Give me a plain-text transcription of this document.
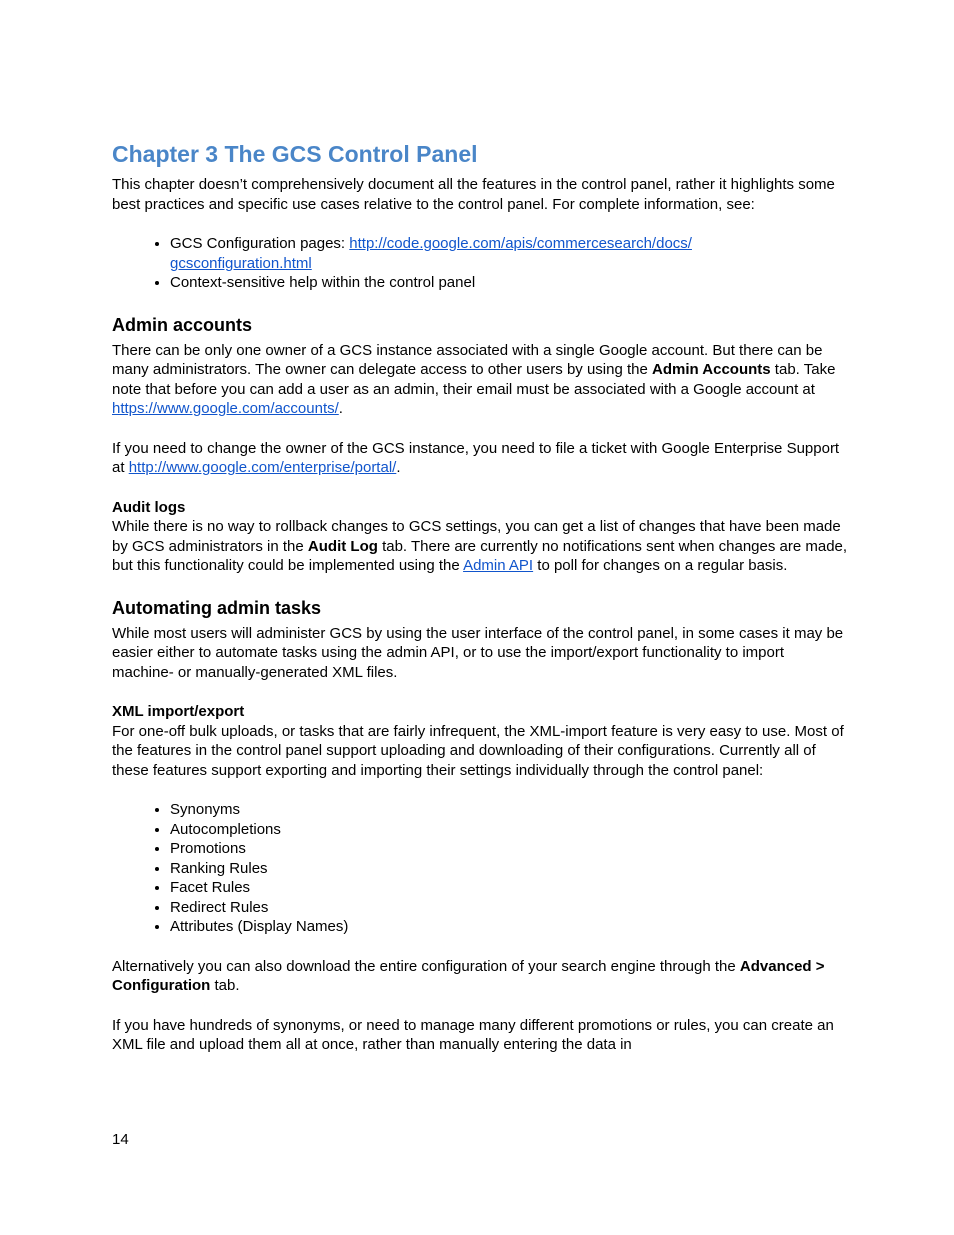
Chapter 3 The GCS Control Panel

This chapter doesn’t comprehensively document all the features in the control panel, rather it highlights some best practices and specific use cases relative to the control panel. For complete information, see:

• GCS Configuration pages: http://code.google.com/apis/commercesearch/docs/
gcsconfiguration.html
• Context-sensitive help within the control panel
Admin accounts

There can be only one owner of a GCS instance associated with a single Google account. But there can be many administrators. The owner can delegate access to other users by using the Admin Accounts tab. Take note that before you can add a user as an admin, their email must be associated with a Google account at https://www.google.com/accounts/.

If you need to change the owner of the GCS instance, you need to file a ticket with Google Enterprise Support at http://www.google.com/enterprise/portal/.

Audit logs

While there is no way to rollback changes to GCS settings, you can get a list of changes that have been made by GCS administrators in the Audit Log tab. There are currently no notifications sent when changes are made, but this functionality could be implemented using the Admin API to poll for changes on a regular basis.

Automating admin tasks

While most users will administer GCS by using the user interface of the control panel, in some cases it may be easier either to automate tasks using the admin API, or to use the import/export functionality to import machine- or manually-generated XML files.

XML import/export

For one-off bulk uploads, or tasks that are fairly infrequent, the XML-import feature is very easy to use. Most of the features in the control panel support uploading and downloading of their configurations. Currently all of these features support exporting and importing their settings individually through the control panel:

• Synonyms
• Autocompletions
• Promotions
• Ranking Rules
• Facet Rules
• Redirect Rules
• Attributes (Display Names)

Alternatively you can also download the entire configuration of your search engine through the Advanced > Configuration tab.

If you have hundreds of synonyms, or need to manage many different promotions or rules, you can create an XML file and upload them all at once, rather than manually entering the data in

14
